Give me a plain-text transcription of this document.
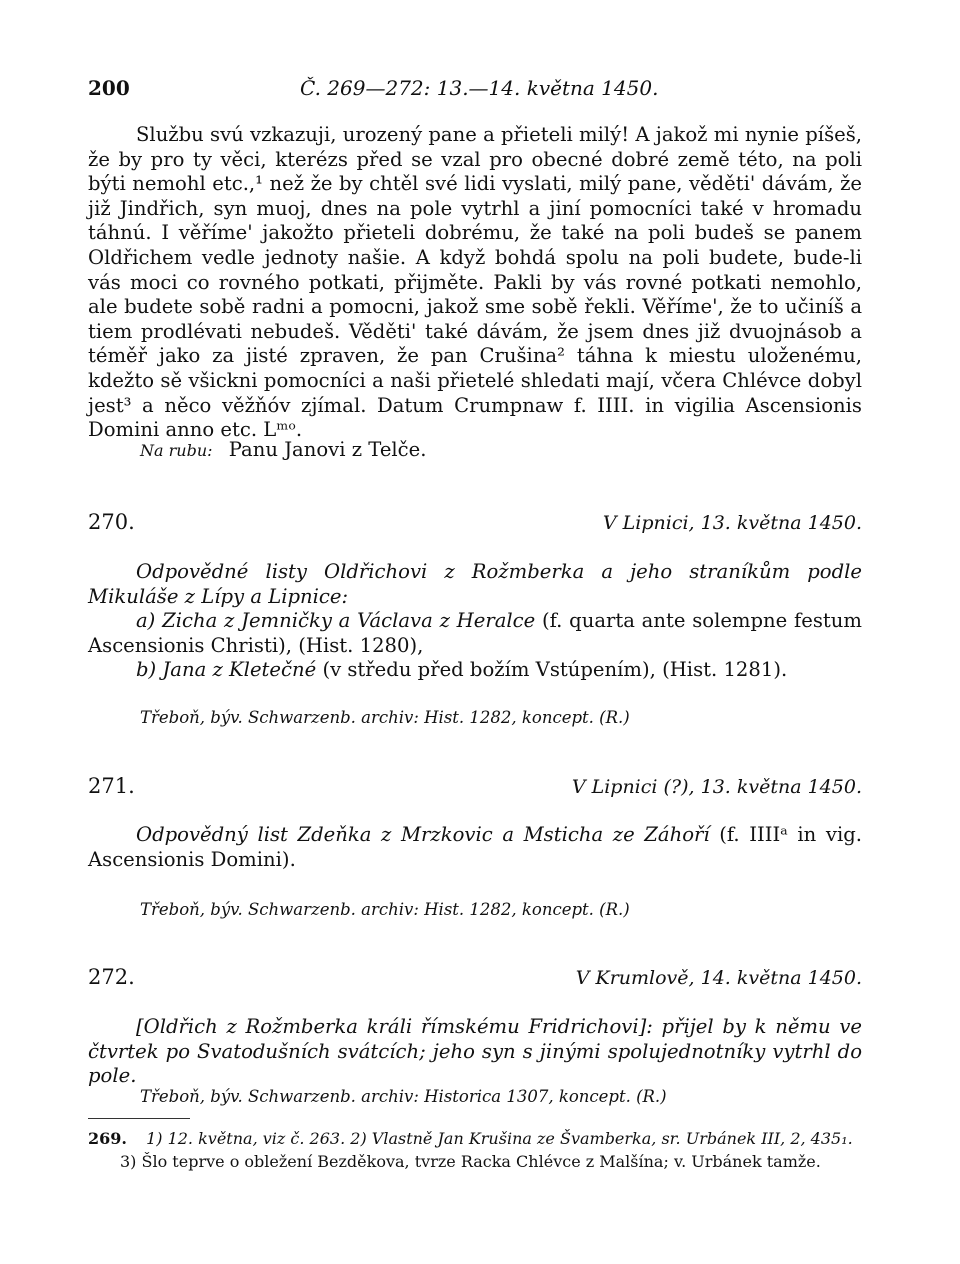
200	Č. 269—272: 13.—14. května 1450.

Službu svú vzkazuji, urozený pane a přieteli milý! A jakož mi nynie píšeš, že by pro ty věci, kterézs před se vzal pro obecné dobré země této, na poli býti nemohl etc.,¹ než že by chtěl své lidi vyslati, milý pane, věděti' dávám, že již Jindřich, syn muoj, dnes na pole vytrhl a jiní pomocníci také v hromadu táhnú. I věříme' jakožto přieteli dobrému, že také na poli budeš se panem Oldřichem vedle jednoty našie. A když bohdá spolu na poli budete, bude-li vás moci co rovného potkati, přijměte. Pakli by vás rovné potkati nemohlo, ale budete sobě radni a pomocni, jakož sme sobě řekli. Věříme', že to učiníš a tiem prodlévati nebudeš. Věděti' také dávám, že jsem dnes již dvuojnásob a téměř jako za jisté zpraven, že pan Crušina² táhna k miestu uloženému, kdežto sě všickni pomocníci a naši přietelé shledati mají, včera Chlévce dobyl jest³ a něco věžňóv zjímal. Datum Crumpnaw f. IIII. in vigilia Ascensionis Domini anno etc. Lᵐᵒ.

Na rubu: Panu Janovi z Telče.
270.	V Lipnici, 13. května 1450.

Odpovědné listy Oldřichovi z Rožmberka a jeho straníkům podle Mikuláše z Lípy a Lipnice:

a) Zicha z Jemničky a Václava z Heralce (f. quarta ante solempne festum Ascensionis Christi), (Hist. 1280),

b) Jana z Kletečné (v středu před božím Vstúpením), (Hist. 1281).

Třeboň, býv. Schwarzenb. archiv: Hist. 1282, koncept. (R.)
271.	V Lipnici (?), 13. května 1450.

Odpovědný list Zdeňka z Mrzkovic a Msticha ze Záhoří (f. IIIIᵃ in vig. Ascensionis Domini).

Třeboň, býv. Schwarzenb. archiv: Hist. 1282, koncept. (R.)
272.	V Krumlově, 14. května 1450.

[Oldřich z Rožmberka králi římskému Fridrichovi]: přijel by k němu ve čtvrtek po Svatodušních svátcích; jeho syn s jinými spolujednotníky vytrhl do pole.

Třeboň, býv. Schwarzenb. archiv: Historica 1307, koncept. (R.)
269. 1) 12. května, viz č. 263. 2) Vlastně Jan Krušina ze Švamberka, sr. Urbánek III, 2, 435₁.
3) Šlo teprve o obležení Bezděkova, tvrze Racka Chlévce z Malšína; v. Urbánek tamže.
